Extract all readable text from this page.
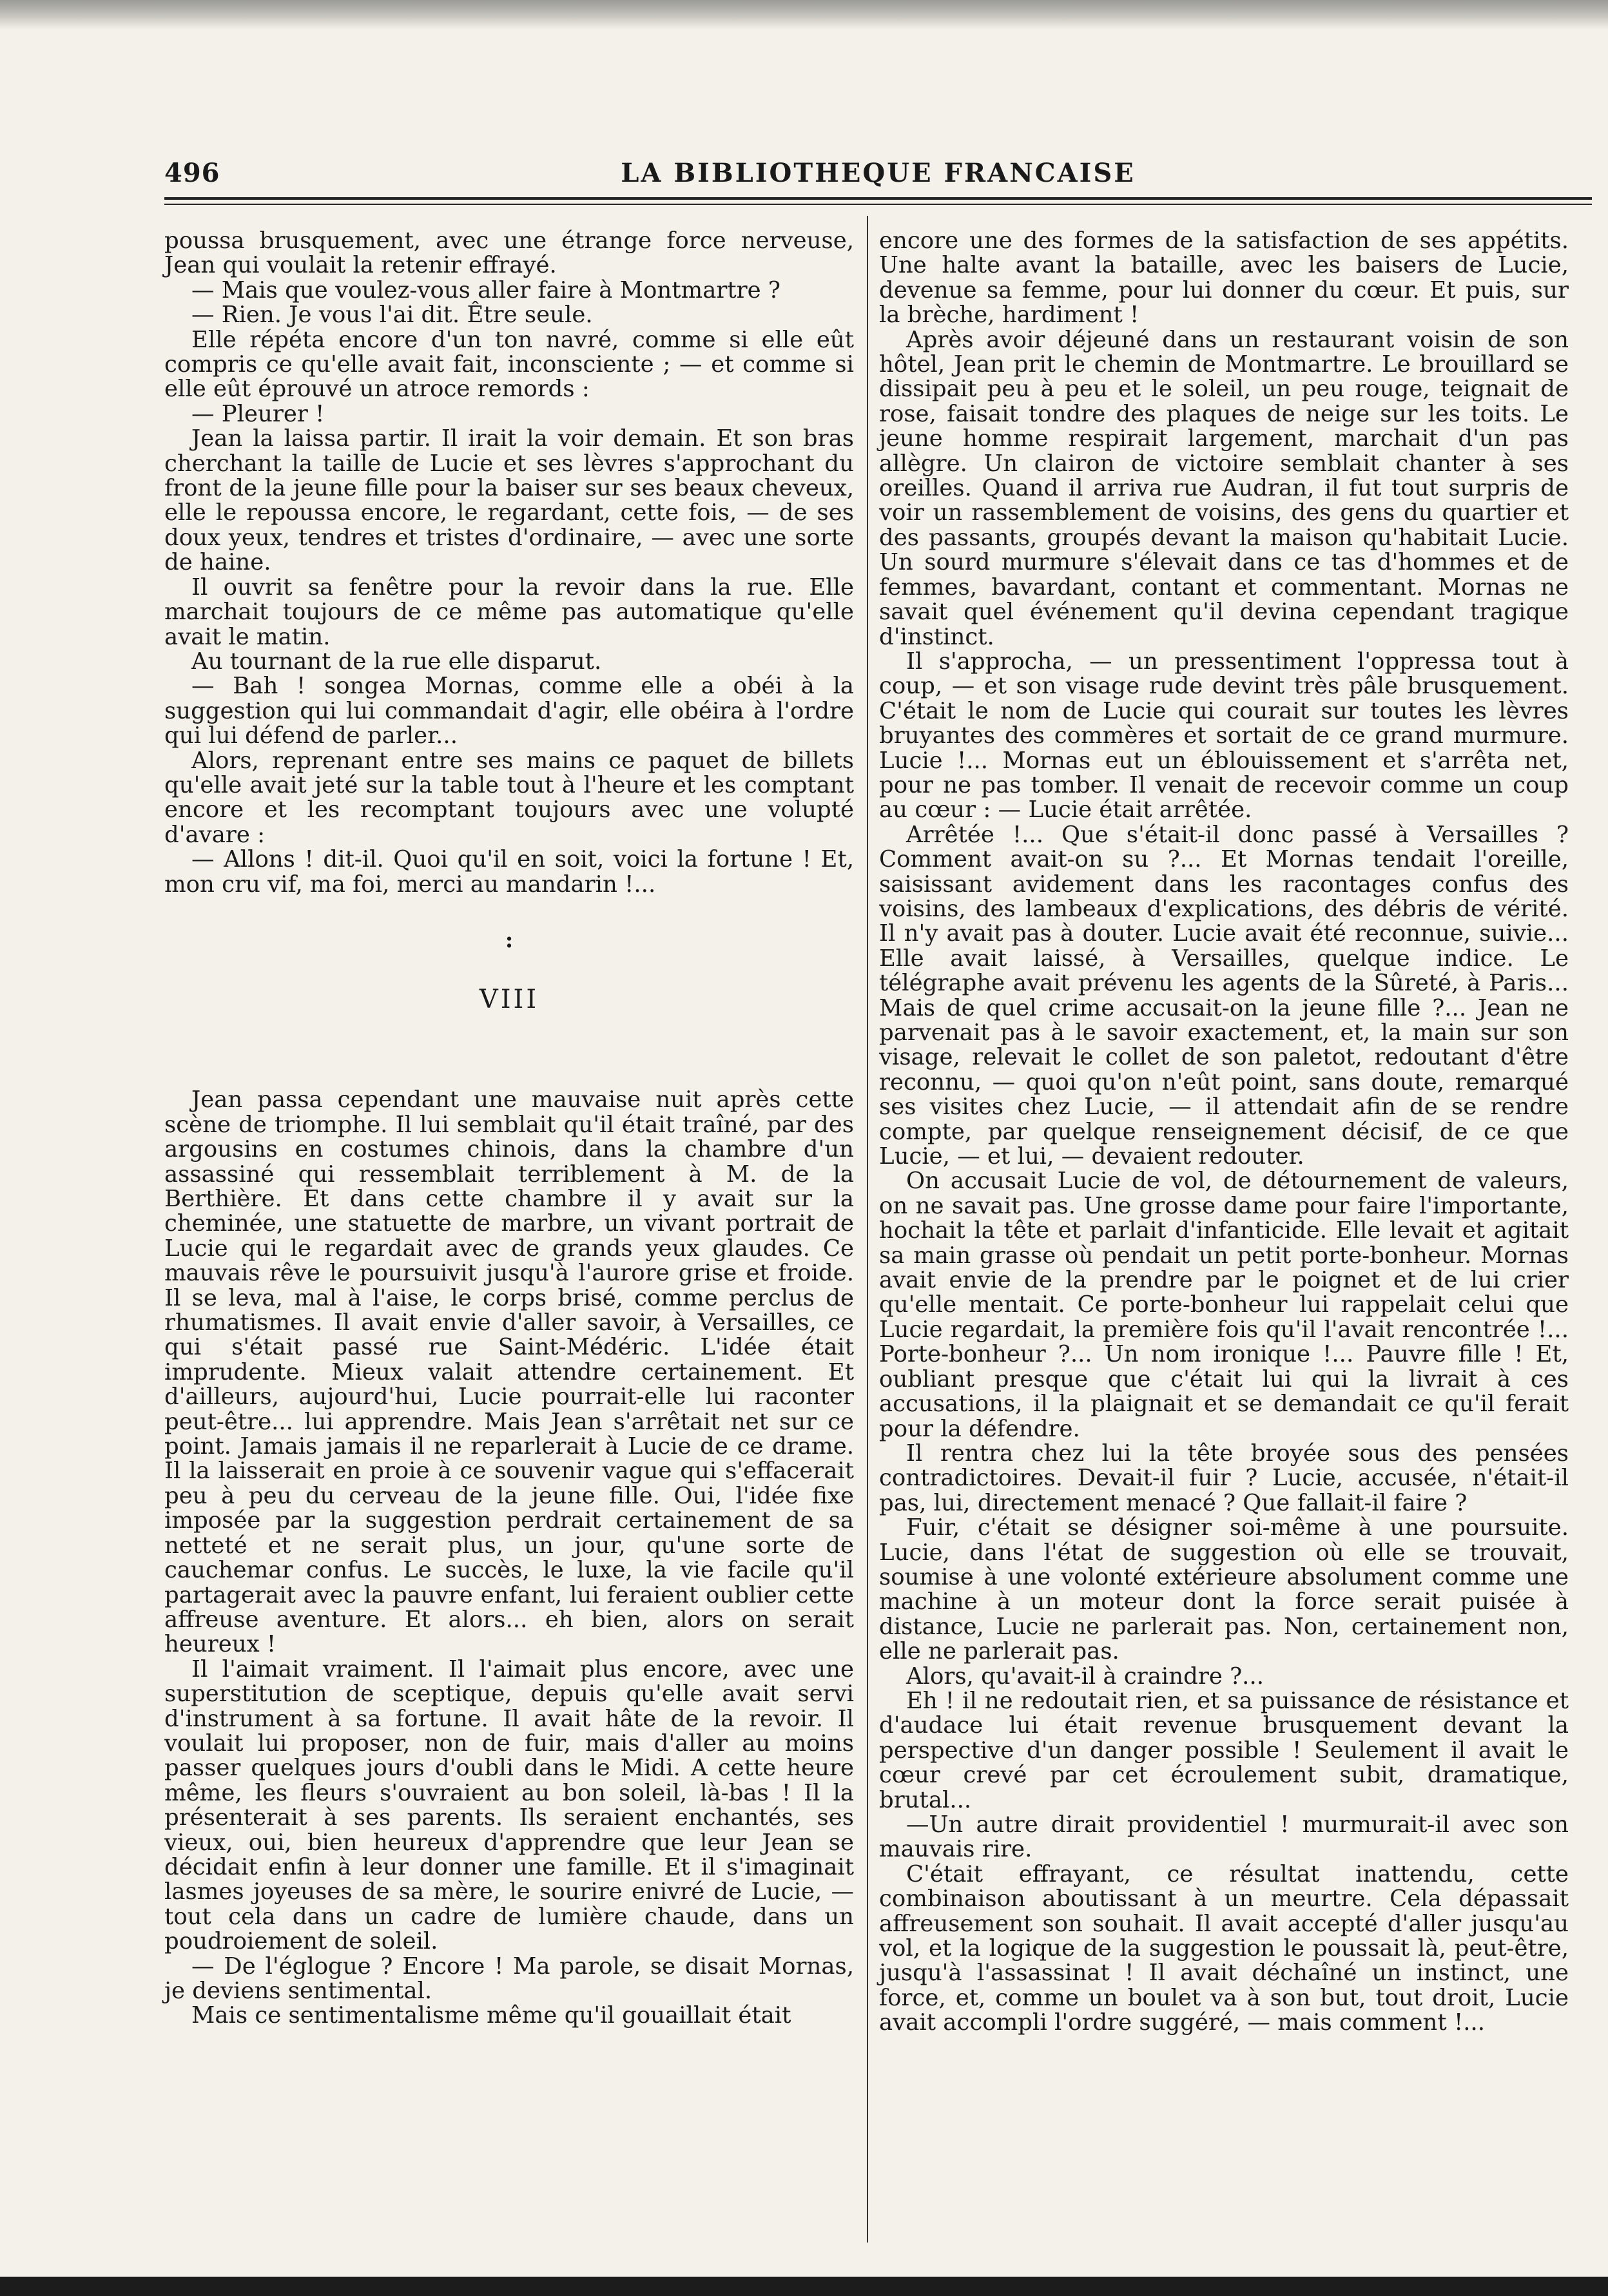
496	LA BIBLIOTHEQUE FRANCAISE

poussa brusquement, avec une étrange force nerveuse, Jean qui voulait la retenir effrayé.

— Mais que voulez-vous aller faire à Montmartre ?

— Rien. Je vous l'ai dit. Être seule.

Elle répéta encore d'un ton navré, comme si elle eût compris ce qu'elle avait fait, inconsciente ; — et comme si elle eût éprouvé un atroce remords :

— Pleurer !

Jean la laissa partir. Il irait la voir demain. Et son bras cherchant la taille de Lucie et ses lèvres s'approchant du front de la jeune fille pour la baiser sur ses beaux cheveux, elle le repoussa encore, le regardant, cette fois, — de ses doux yeux, tendres et tristes d'ordinaire, — avec une sorte de haine.

Il ouvrit sa fenêtre pour la revoir dans la rue. Elle marchait toujours de ce même pas automatique qu'elle avait le matin.

Au tournant de la rue elle disparut.

— Bah ! songea Mornas, comme elle a obéi à la suggestion qui lui commandait d'agir, elle obéira à l'ordre qui lui défend de parler...

Alors, reprenant entre ses mains ce paquet de billets qu'elle avait jeté sur la table tout à l'heure et les comptant encore et les recomptant toujours avec une volupté d'avare :

— Allons ! dit-il. Quoi qu'il en soit, voici la fortune ! Et, mon cru vif, ma foi, merci au mandarin !...

:
VIII

Jean passa cependant une mauvaise nuit après cette scène de triomphe. Il lui semblait qu'il était traîné, par des argousins en costumes chinois, dans la chambre d'un assassiné qui ressemblait terriblement à M. de la Berthière. Et dans cette chambre il y avait sur la cheminée, une statuette de marbre, un vivant portrait de Lucie qui le regardait avec de grands yeux glaudes. Ce mauvais rêve le poursuivit jusqu'à l'aurore grise et froide. Il se leva, mal à l'aise, le corps brisé, comme perclus de rhumatismes. Il avait envie d'aller savoir, à Versailles, ce qui s'était passé rue Saint-Médéric. L'idée était imprudente. Mieux valait attendre certainement. Et d'ailleurs, aujourd'hui, Lucie pourrait-elle lui raconter peut-être... lui apprendre. Mais Jean s'arrêtait net sur ce point. Jamais jamais il ne reparlerait à Lucie de ce drame. Il la laisserait en proie à ce souvenir vague qui s'effacerait peu à peu du cerveau de la jeune fille. Oui, l'idée fixe imposée par la suggestion perdrait certainement de sa netteté et ne serait plus, un jour, qu'une sorte de cauchemar confus. Le succès, le luxe, la vie facile qu'il partagerait avec la pauvre enfant, lui feraient oublier cette affreuse aventure. Et alors... eh bien, alors on serait heureux !

Il l'aimait vraiment. Il l'aimait plus encore, avec une superstitution de sceptique, depuis qu'elle avait servi d'instrument à sa fortune. Il avait hâte de la revoir. Il voulait lui proposer, non de fuir, mais d'aller au moins passer quelques jours d'oubli dans le Midi. A cette heure même, les fleurs s'ouvraient au bon soleil, là-bas ! Il la présenterait à ses parents. Ils seraient enchantés, ses vieux, oui, bien heureux d'apprendre que leur Jean se décidait enfin à leur donner une famille. Et il s'imaginait lasmes joyeuses de sa mère, le sourire enivré de Lucie, — tout cela dans un cadre de lumière chaude, dans un poudroiement de soleil.

— De l'églogue ? Encore ! Ma parole, se disait Mornas, je deviens sentimental.

Mais ce sentimentalisme même qu'il gouaillait était

encore une des formes de la satisfaction de ses appétits. Une halte avant la bataille, avec les baisers de Lucie, devenue sa femme, pour lui donner du cœur. Et puis, sur la brèche, hardiment !

Après avoir déjeuné dans un restaurant voisin de son hôtel, Jean prit le chemin de Montmartre. Le brouillard se dissipait peu à peu et le soleil, un peu rouge, teignait de rose, faisait tondre des plaques de neige sur les toits. Le jeune homme respirait largement, marchait d'un pas allègre. Un clairon de victoire semblait chanter à ses oreilles. Quand il arriva rue Audran, il fut tout surpris de voir un rassemblement de voisins, des gens du quartier et des passants, groupés devant la maison qu'habitait Lucie. Un sourd murmure s'élevait dans ce tas d'hommes et de femmes, bavardant, contant et commentant. Mornas ne savait quel événement qu'il devina cependant tragique d'instinct.

Il s'approcha, — un pressentiment l'oppressa tout à coup, — et son visage rude devint très pâle brusquement. C'était le nom de Lucie qui courait sur toutes les lèvres bruyantes des commères et sortait de ce grand murmure. Lucie !... Mornas eut un éblouissement et s'arrêta net, pour ne pas tomber. Il venait de recevoir comme un coup au cœur : — Lucie était arrêtée.

Arrêtée !... Que s'était-il donc passé à Versailles ? Comment avait-on su ?... Et Mornas tendait l'oreille, saisissant avidement dans les racontages confus des voisins, des lambeaux d'explications, des débris de vérité. Il n'y avait pas à douter. Lucie avait été reconnue, suivie... Elle avait laissé, à Versailles, quelque indice. Le télégraphe avait prévenu les agents de la Sûreté, à Paris... Mais de quel crime accusait-on la jeune fille ?... Jean ne parvenait pas à le savoir exactement, et, la main sur son visage, relevait le collet de son paletot, redoutant d'être reconnu, — quoi qu'on n'eût point, sans doute, remarqué ses visites chez Lucie, — il attendait afin de se rendre compte, par quelque renseignement décisif, de ce que Lucie, — et lui, — devaient redouter.

On accusait Lucie de vol, de détournement de valeurs, on ne savait pas. Une grosse dame pour faire l'importante, hochait la tête et parlait d'infanticide. Elle levait et agitait sa main grasse où pendait un petit porte-bonheur. Mornas avait envie de la prendre par le poignet et de lui crier qu'elle mentait. Ce porte-bonheur lui rappelait celui que Lucie regardait, la première fois qu'il l'avait rencontrée !... Porte-bonheur ?... Un nom ironique !... Pauvre fille ! Et, oubliant presque que c'était lui qui la livrait à ces accusations, il la plaignait et se demandait ce qu'il ferait pour la défendre.

Il rentra chez lui la tête broyée sous des pensées contradictoires. Devait-il fuir ? Lucie, accusée, n'était-il pas, lui, directement menacé ? Que fallait-il faire ?

Fuir, c'était se désigner soi-même à une poursuite. Lucie, dans l'état de suggestion où elle se trouvait, soumise à une volonté extérieure absolument comme une machine à un moteur dont la force serait puisée à distance, Lucie ne parlerait pas. Non, certainement non, elle ne parlerait pas.

Alors, qu'avait-il à craindre ?...

Eh ! il ne redoutait rien, et sa puissance de résistance et d'audace lui était revenue brusquement devant la perspective d'un danger possible ! Seulement il avait le cœur crevé par cet écroulement subit, dramatique, brutal...

—Un autre dirait providentiel ! murmurait-il avec son mauvais rire.

C'était effrayant, ce résultat inattendu, cette combinaison aboutissant à un meurtre. Cela dépassait affreusement son souhait. Il avait accepté d'aller jusqu'au vol, et la logique de la suggestion le poussait là, peut-être, jusqu'à l'assassinat ! Il avait déchaîné un instinct, une force, et, comme un boulet va à son but, tout droit, Lucie avait accompli l'ordre suggéré, — mais comment !...
